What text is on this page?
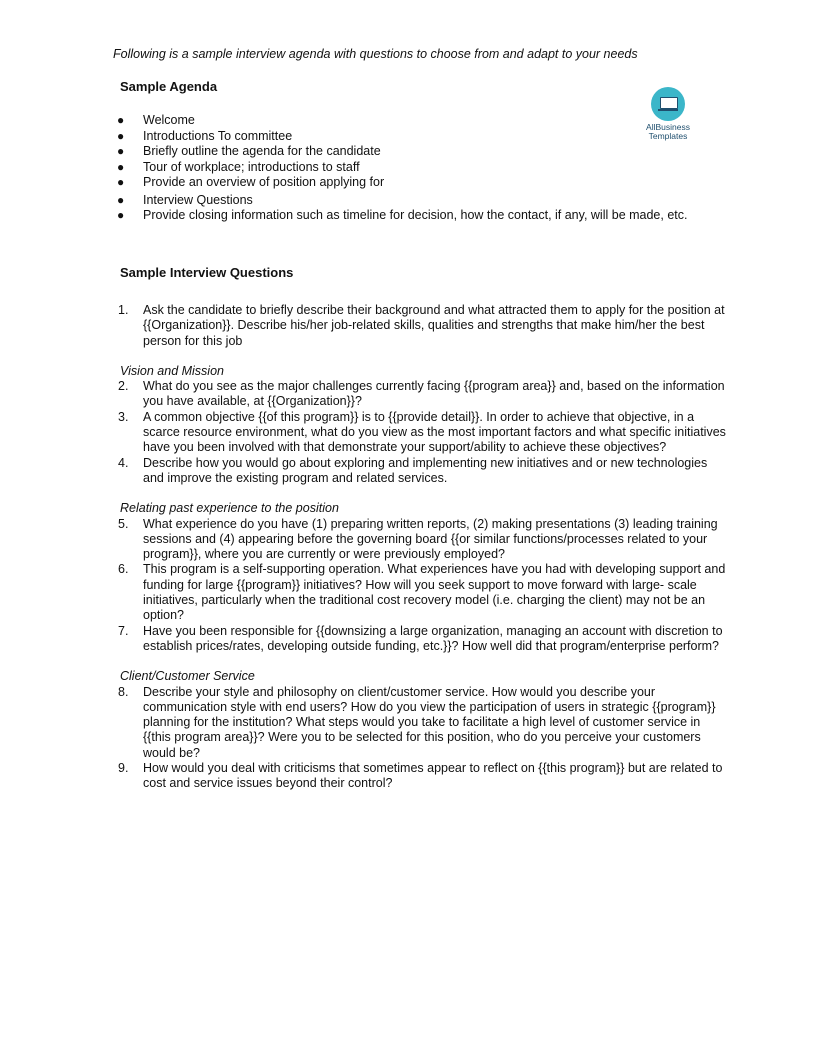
Following is a sample interview agenda with questions to choose from and adapt to your needs
Sample Agenda
AllBusiness
Templates
●	Welcome
●	Introductions To committee
●	Briefly outline the agenda for the candidate
●	Tour of workplace; introductions to staff
●	Provide an overview of position applying for
●	Interview Questions
●	Provide closing information such as timeline for decision, how the contact, if any, will be made, etc.
Sample Interview Questions
1. Ask the candidate to briefly describe their background and what attracted them to apply for the position at {{Organization}}. Describe his/her job-related skills, qualities and strengths that make him/her the best person for this job
Vision and Mission
2. What do you see as the major challenges currently facing {{program area}} and, based on the information you have available, at {{Organization}}?
3. A common objective {{of this program}} is to {{provide detail}}. In order to achieve that objective, in a scarce resource environment, what do you view as the most important factors and what specific initiatives have you been involved with that demonstrate your support/ability to achieve these objectives?
4. Describe how you would go about exploring and implementing new initiatives and or new technologies and improve the existing program and related services.
Relating past experience to the position
5. What experience do you have (1) preparing written reports, (2) making presentations (3) leading training sessions and (4) appearing before the governing board {{or similar functions/processes related to your program}}, where you are currently or were previously employed?
6. This program is a self-supporting operation. What experiences have you had with developing support and funding for large {{program}} initiatives? How will you seek support to move forward with large- scale initiatives, particularly when the traditional cost recovery model (i.e. charging the client) may not be an option?
7. Have you been responsible for {{downsizing a large organization, managing an account with discretion to establish prices/rates, developing outside funding, etc.}}? How well did that program/enterprise perform?
Client/Customer Service
8. Describe your style and philosophy on client/customer service. How would you describe your communication style with end users? How do you view the participation of users in strategic {{program}} planning for the institution? What steps would you take to facilitate a high level of customer service in {{this program area}}? Were you to be selected for this position, who do you perceive your customers would be?
9. How would you deal with criticisms that sometimes appear to reflect on {{this program}} but are related to cost and service issues beyond their control?
